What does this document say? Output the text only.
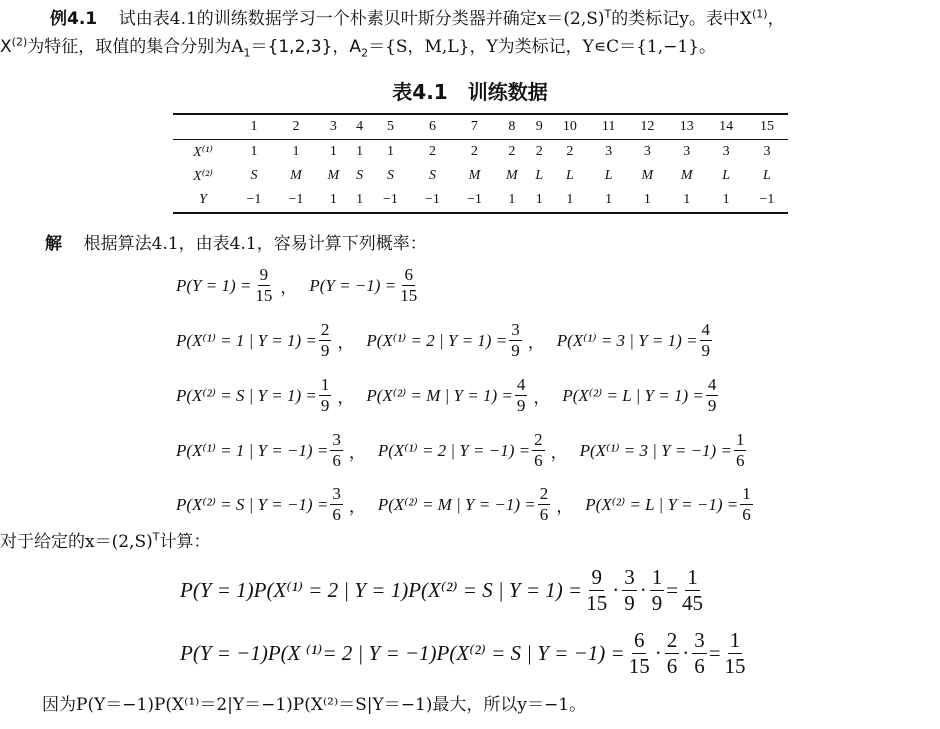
例4.1 试由表4.1的训练数据学习一个朴素贝叶斯分类器并确定$x=(2,S)^T$的类标记y。表中$X^{(1)}$，
$X^{(2)}$为特征，取值的集合分别为$A_1=\{1,2,3\}$，$A_2=\{S$，M,L}，Y为类标记，Y∊C＝{1,−1}。
表4.1　训练数据
	1	2	3	4	5	6	7	8	9	10	11	12	13	14	15
X⁽¹⁾	1	1	1	1	1	2	2	2	2	2	3	3	3	3	3
X⁽²⁾	S	M	M	S	S	S	M	M	L	L	L	M	M	L	L
Y	−1	−1	1	1	−1	−1	−1	1	1	1	1	1	1	1	−1
解 根据算法4.1，由表4.1，容易计算下列概率：
$P(Y = 1) = \frac{9}{15}$ ， $P(Y = -1) = \frac{6}{15}$
P(X⁽¹⁾ = 1 | $Y = 1) = \frac{2}{9}$ ， P(X⁽¹⁾ = 2 | $Y = 1) = \frac{3}{9}$ ， P(X⁽¹⁾ = 3 | $Y = 1) = \frac{4}{9}$
P(X⁽²⁾ = S | $Y = 1) = \frac{1}{9}$ ， P(X⁽²⁾ = M | $Y = 1) = \frac{4}{9}$ ， P(X⁽²⁾ = L | $Y = 1) = \frac{4}{9}$
P(X⁽¹⁾ = 1 | $Y = -1) = \frac{3}{6}$ ， P(X⁽¹⁾ = 2 | $Y = -1) = \frac{2}{6}$ ， P(X⁽¹⁾ = 3 | $Y = -1) = \frac{1}{6}$
P(X⁽²⁾ = S | $Y = -1) = \frac{3}{6}$ ， P(X⁽²⁾ = M | $Y = -1) = \frac{2}{6}$ ， P(X⁽²⁾ = L | $Y = -1) = \frac{1}{6}$
对于给定的$x=(2,S)^T$计算：
P(Y = 1)P(X⁽¹⁾ = 2 | Y = 1)P(X⁽²⁾ = S | $Y = 1) = \frac{9}{15} \cdot \frac{3}{9} \cdot \frac{1}{9} = \frac{1}{45}$
P(Y = −1)P(X ⁽¹⁾= 2 | Y = −1)P(X⁽²⁾ = S | $Y = -1) = \frac{6}{15} \cdot \frac{2}{6} \cdot \frac{3}{6} = \frac{1}{15}$
因为P(Y＝−1)P(X⁽¹⁾＝2|Y＝−1)P(X⁽²⁾＝S|Y＝−1)最大，所以y＝−1。
